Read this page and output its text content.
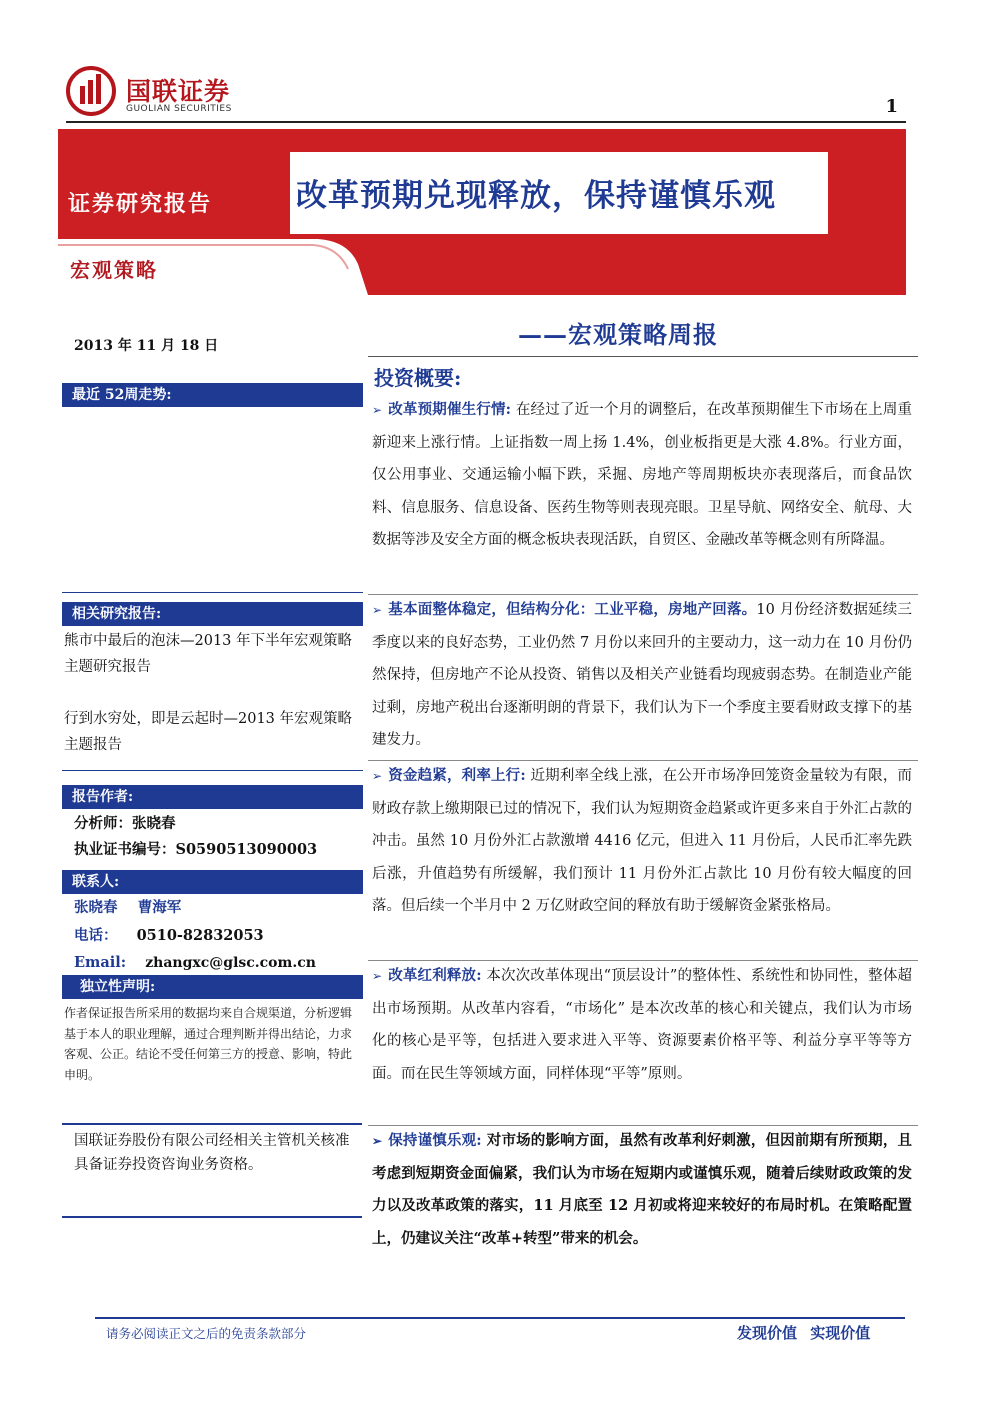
国联证券
GUOLIAN SECURITIES	1
改革预期兑现释放，保持谨慎乐观
证券研究报告
宏观策略
2013 年 11 月 18 日	——宏观策略周报
最近 52周走势:
相关研究报告:
熊市中最后的泡沫—2013 年下半年宏观策略主题研究报告
行到水穷处，即是云起时—2013 年宏观策略主题报告
报告作者:
分析师：张晓春
执业证书编号：S0590513090003
联系人:
张晓春    曹海军
电话： 0510-82832053
Email: zhangxc@glsc.com.cn
独立性声明:
作者保证报告所采用的数据均来自合规渠道，分析逻辑基于本人的职业理解，通过合理判断并得出结论，力求客观、公正。结论不受任何第三方的授意、影响，特此申明。
国联证券股份有限公司经相关主管机关核准具备证券投资咨询业务资格。
投资概要:
➢ 改革预期催生行情: 在经过了近一个月的调整后，在改革预期催生下市场在上周重新迎来上涨行情。上证指数一周上扬 1.4%，创业板指更是大涨 4.8%。行业方面，仅公用事业、交通运输小幅下跌，采掘、房地产等周期板块亦表现落后，而食品饮料、信息服务、信息设备、医药生物等则表现亮眼。卫星导航、网络安全、航母、大数据等涉及安全方面的概念板块表现活跃，自贸区、金融改革等概念则有所降温。
➢ 基本面整体稳定，但结构分化：工业平稳，房地产回落。10 月份经济数据延续三季度以来的良好态势，工业仍然 7 月份以来回升的主要动力，这一动力在 10 月份仍然保持，但房地产不论从投资、销售以及相关产业链看均现疲弱态势。在制造业产能过剩，房地产税出台逐渐明朗的背景下，我们认为下一个季度主要看财政支撑下的基建发力。
➢ 资金趋紧，利率上行: 近期利率全线上涨，在公开市场净回笼资金量较为有限，而财政存款上缴期限已过的情况下，我们认为短期资金趋紧或许更多来自于外汇占款的冲击。虽然 10 月份外汇占款激增 4416 亿元，但进入 11 月份后，人民币汇率先跌后涨，升值趋势有所缓解，我们预计 11 月份外汇占款比 10 月份有较大幅度的回落。但后续一个半月中 2 万亿财政空间的释放有助于缓解资金紧张格局。
➢ 改革红利释放: 本次次改革体现出“顶层设计”的整体性、系统性和协同性，整体超出市场预期。从改革内容看，“市场化” 是本次改革的核心和关键点，我们认为市场化的核心是平等，包括进入要求进入平等、资源要素价格平等、利益分享平等等方面。而在民生等领域方面，同样体现“平等”原则。
➢ 保持谨慎乐观: 对市场的影响方面，虽然有改革利好刺激，但因前期有所预期，且考虑到短期资金面偏紧，我们认为市场在短期内或谨慎乐观，随着后续财政政策的发力以及改革政策的落实，11 月底至 12 月初或将迎来较好的布局时机。在策略配置上，仍建议关注“改革+转型”带来的机会。
请务必阅读正文之后的免责条款部分	发现价值 实现价值
